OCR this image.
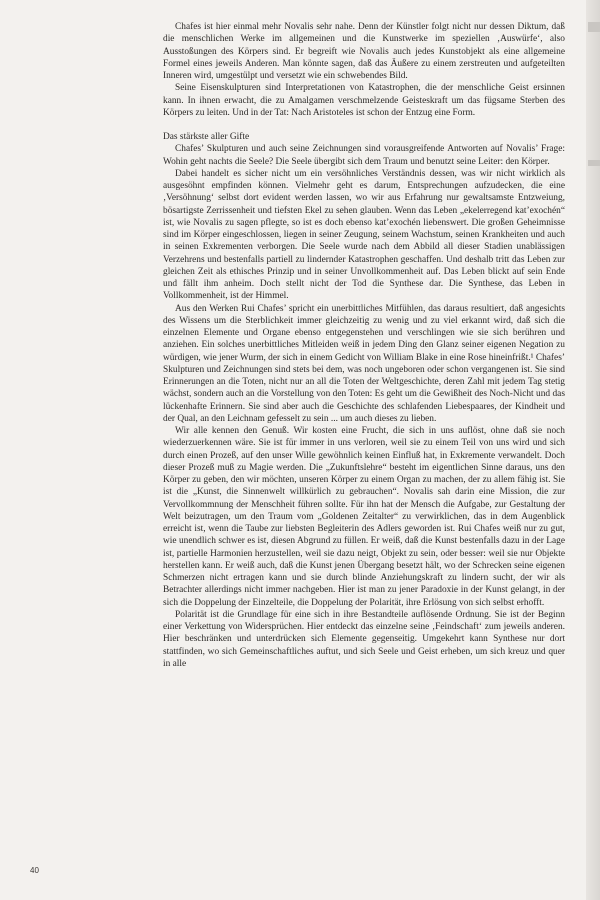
Chafes ist hier einmal mehr Novalis sehr nahe. Denn der Künstler folgt nicht nur dessen Diktum, daß die menschlichen Werke im allgemeinen und die Kunstwerke im speziellen ‚Auswürfe‘, also Ausstoßungen des Körpers sind. Er begreift wie Novalis auch jedes Kunstobjekt als eine allgemeine Formel eines jeweils Anderen. Man könnte sagen, daß das Äußere zu einem zerstreuten und aufgeteilten Inneren wird, umgestülpt und versetzt wie ein schwebendes Bild.

Seine Eisenskulpturen sind Interpretationen von Katastrophen, die der menschliche Geist ersinnen kann. In ihnen erwacht, die zu Amalgamen verschmelzende Geisteskraft um das fügsame Sterben des Körpers zu leiten. Und in der Tat: Nach Aristoteles ist schon der Entzug eine Form.

Das stärkste aller Gifte

Chafes’ Skulpturen und auch seine Zeichnungen sind vorausgreifende Antworten auf Novalis’ Frage: Wohin geht nachts die Seele? Die Seele übergibt sich dem Traum und benutzt seine Leiter: den Körper.

Dabei handelt es sicher nicht um ein versöhnliches Verständnis dessen, was wir nicht wirklich als ausgesöhnt empfinden können. Vielmehr geht es darum, Entsprechungen aufzudecken, die eine ‚Versöhnung‘ selbst dort evident werden lassen, wo wir aus Erfahrung nur gewaltsamste Entzweiung, bösartigste Zerrissenheit und tiefsten Ekel zu sehen glauben. Wenn das Leben „ekelerregend kat’exochén“ ist, wie Novalis zu sagen pflegte, so ist es doch ebenso kat’exochén liebenswert. Die großen Geheimnisse sind im Körper eingeschlossen, liegen in seiner Zeugung, seinem Wachstum, seinen Krankheiten und auch in seinen Exkrementen verborgen. Die Seele wurde nach dem Abbild all dieser Stadien unablässigen Verzehrens und bestenfalls partiell zu lindernder Katastrophen geschaffen. Und deshalb tritt das Leben zur gleichen Zeit als ethisches Prinzip und in seiner Unvollkommenheit auf. Das Leben blickt auf sein Ende und fällt ihm anheim. Doch stellt nicht der Tod die Synthese dar. Die Synthese, das Leben in Vollkommenheit, ist der Himmel.

Aus den Werken Rui Chafes’ spricht ein unerbittliches Mitfühlen, das daraus resultiert, daß angesichts des Wissens um die Sterblichkeit immer gleichzeitig zu wenig und zu viel erkannt wird, daß sich die einzelnen Elemente und Organe ebenso entgegenstehen und verschlingen wie sie sich berühren und anziehen. Ein solches unerbittliches Mitleiden weiß in jedem Ding den Glanz seiner eigenen Negation zu würdigen, wie jener Wurm, der sich in einem Gedicht von William Blake in eine Rose hineinfrißt.¹ Chafes’ Skulpturen und Zeichnungen sind stets bei dem, was noch ungeboren oder schon vergangenen ist. Sie sind Erinnerungen an die Toten, nicht nur an all die Toten der Weltgeschichte, deren Zahl mit jedem Tag stetig wächst, sondern auch an die Vorstellung von den Toten: Es geht um die Gewißheit des Noch-Nicht und das lückenhafte Erinnern. Sie sind aber auch die Geschichte des schlafenden Liebespaares, der Kindheit und der Qual, an den Leichnam gefesselt zu sein ... um auch dieses zu lieben.

Wir alle kennen den Genuß. Wir kosten eine Frucht, die sich in uns auflöst, ohne daß sie noch wiederzuerkennen wäre. Sie ist für immer in uns verloren, weil sie zu einem Teil von uns wird und sich durch einen Prozeß, auf den unser Wille gewöhnlich keinen Einfluß hat, in Exkremente verwandelt. Doch dieser Prozeß muß zu Magie werden. Die „Zukunftslehre“ besteht im eigentlichen Sinne daraus, uns den Körper zu geben, den wir möchten, unseren Körper zu einem Organ zu machen, der zu allem fähig ist. Sie ist die „Kunst, die Sinnenwelt willkürlich zu gebrauchen“. Novalis sah darin eine Mission, die zur Vervollkommnung der Menschheit führen sollte. Für ihn hat der Mensch die Aufgabe, zur Gestaltung der Welt beizutragen, um den Traum vom „Goldenen Zeitalter“ zu verwirklichen, das in dem Augenblick erreicht ist, wenn die Taube zur liebsten Begleiterin des Adlers geworden ist. Rui Chafes weiß nur zu gut, wie unendlich schwer es ist, diesen Abgrund zu füllen. Er weiß, daß die Kunst bestenfalls dazu in der Lage ist, partielle Harmonien herzustellen, weil sie dazu neigt, Objekt zu sein, oder besser: weil sie nur Objekte herstellen kann. Er weiß auch, daß die Kunst jenen Übergang besetzt hält, wo der Schrecken seine eigenen Schmerzen nicht ertragen kann und sie durch blinde Anziehungskraft zu lindern sucht, der wir als Betrachter allerdings nicht immer nachgeben. Hier ist man zu jener Paradoxie in der Kunst gelangt, in der sich die Doppelung der Einzelteile, die Doppelung der Polarität, ihre Erlösung von sich selbst erhofft.

Polarität ist die Grundlage für eine sich in ihre Bestandteile auflösende Ordnung. Sie ist der Beginn einer Verkettung von Widersprüchen. Hier entdeckt das einzelne seine ‚Feindschaft‘ zum jeweils anderen. Hier beschränken und unterdrücken sich Elemente gegenseitig. Umgekehrt kann Synthese nur dort stattfinden, wo sich Gemeinschaftliches auftut, und sich Seele und Geist erheben, um sich kreuz und quer in alle

40
